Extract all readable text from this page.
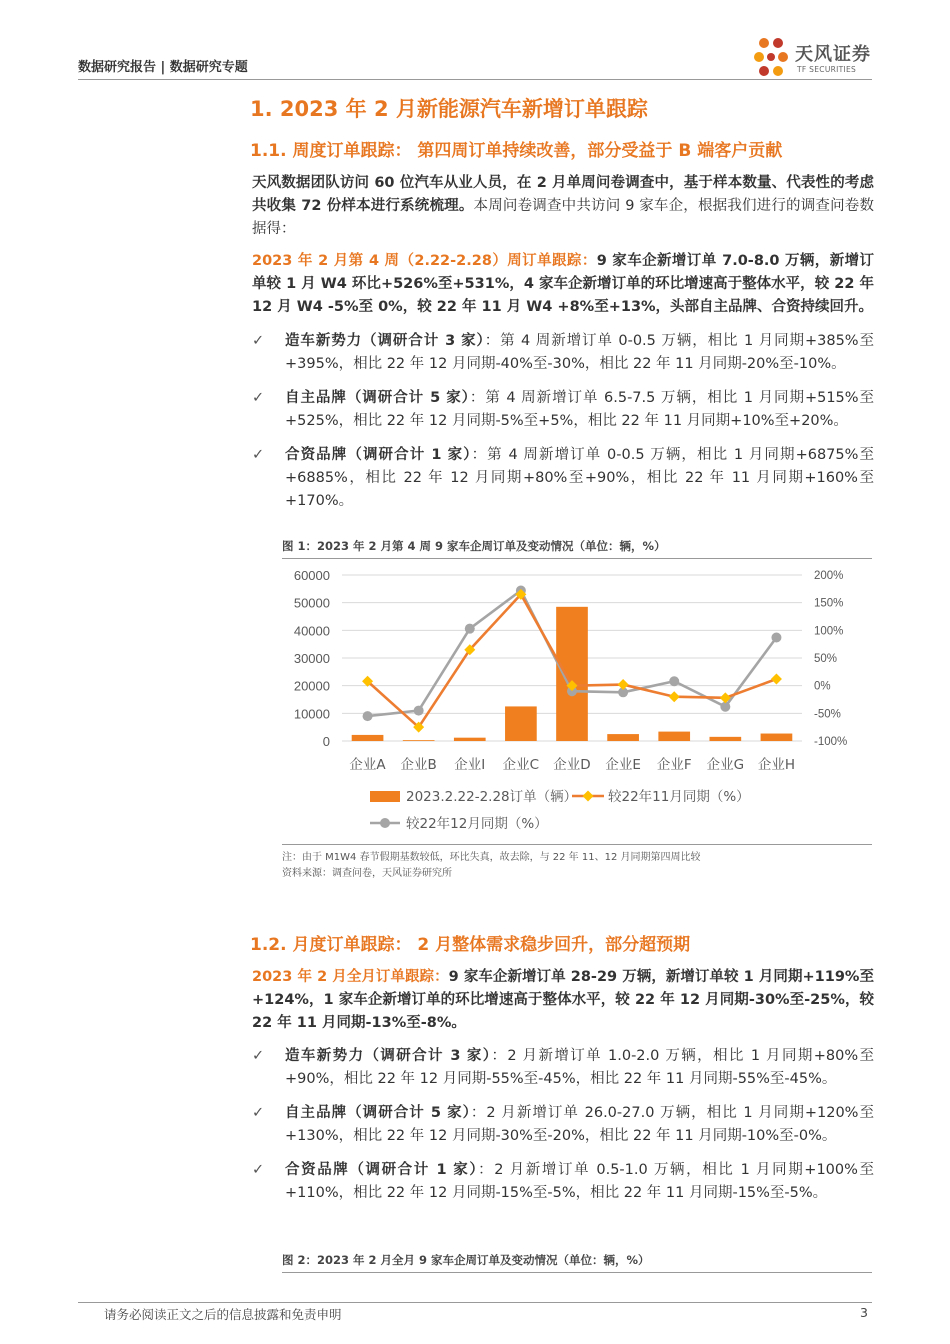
数据研究报告 | 数据研究专题
天风证券
TF SECURITIES
1. 2023 年 2 月新能源汽车新增订单跟踪
1.1. 周度订单跟踪： 第四周订单持续改善，部分受益于 B 端客户贡献
天风数据团队访问 60 位汽车从业人员，在 2 月单周问卷调查中，基于样本数量、代表性的考虑共收集 72 份样本进行系统梳理。本周问卷调查中共访问 9 家车企，根据我们进行的调查问卷数据得：
2023 年 2 月第 4 周（2.22-2.28）周订单跟踪：9 家车企新增订单 7.0-8.0 万辆，新增订单较 1 月 W4 环比+526%至+531%，4 家车企新增订单的环比增速高于整体水平，较 22 年 12 月 W4 -5%至 0%，较 22 年 11 月 W4 +8%至+13%，头部自主品牌、合资持续回升。
✓ 造车新势力（调研合计 3 家）：第 4 周新增订单 0-0.5 万辆，相比 1 月同期+385%至+395%，相比 22 年 12 月同期-40%至-30%，相比 22 年 11 月同期-20%至-10%。
✓ 自主品牌（调研合计 5 家）：第 4 周新增订单 6.5-7.5 万辆，相比 1 月同期+515%至+525%，相比 22 年 12 月同期-5%至+5%，相比 22 年 11 月同期+10%至+20%。
✓ 合资品牌（调研合计 1 家）：第 4 周新增订单 0-0.5 万辆，相比 1 月同期+6875%至+6885%，相比 22 年 12 月同期+80%至+90%，相比 22 年 11 月同期+160%至+170%。
图 1：2023 年 2 月第 4 周 9 家车企周订单及变动情况（单位：辆，%）
0
10000
20000
30000
40000
50000
60000
-100%
-50%
0%
50%
100%
150%
200%
企业A 企业B 企业I 企业C 企业D 企业E 企业F 企业G 企业H
2023.2.22-2.28订单（辆） 较22年11月同期（%）
较22年12月同期（%）
注：由于 M1W4 春节假期基数较低，环比失真，故去除，与 22 年 11、12 月同期第四周比较
资料来源：调查问卷，天风证券研究所
1.2. 月度订单跟踪： 2 月整体需求稳步回升，部分超预期
2023 年 2 月全月订单跟踪：9 家车企新增订单 28-29 万辆，新增订单较 1 月同期+119%至+124%，1 家车企新增订单的环比增速高于整体水平，较 22 年 12 月同期-30%至-25%，较 22 年 11 月同期-13%至-8%。
✓ 造车新势力（调研合计 3 家）：2 月新增订单 1.0-2.0 万辆，相比 1 月同期+80%至+90%，相比 22 年 12 月同期-55%至-45%，相比 22 年 11 月同期-55%至-45%。
✓ 自主品牌（调研合计 5 家）：2 月新增订单 26.0-27.0 万辆，相比 1 月同期+120%至+130%，相比 22 年 12 月同期-30%至-20%，相比 22 年 11 月同期-10%至-0%。
✓ 合资品牌（调研合计 1 家）：2 月新增订单 0.5-1.0 万辆，相比 1 月同期+100%至+110%，相比 22 年 12 月同期-15%至-5%，相比 22 年 11 月同期-15%至-5%。
图 2：2023 年 2 月全月 9 家车企周订单及变动情况（单位：辆，%）
请务必阅读正文之后的信息披露和免责申明	3
